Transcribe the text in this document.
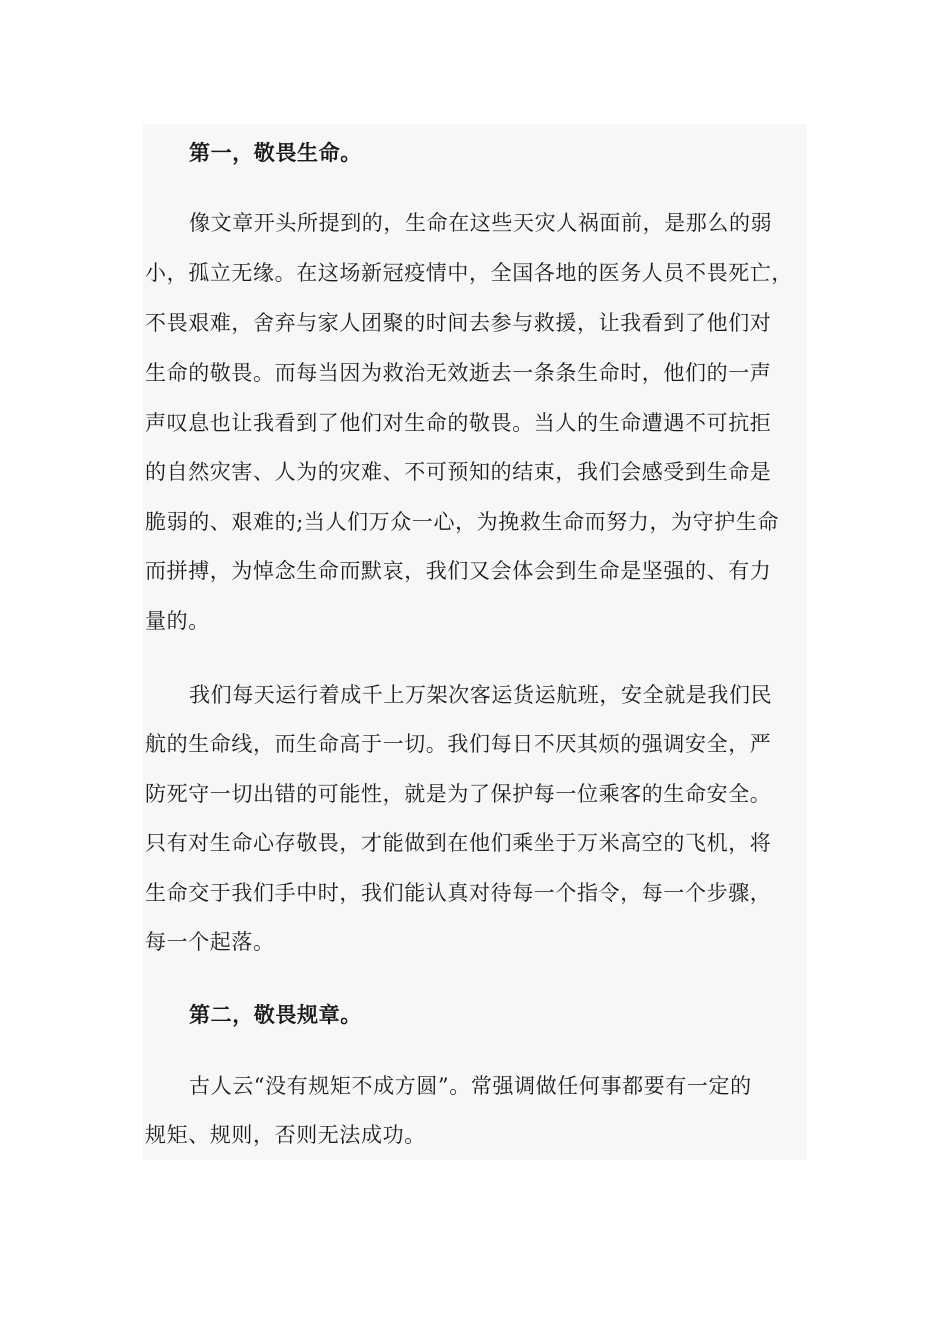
第一，敬畏生命。
像文章开头所提到的，生命在这些天灾人祸面前，是那么的弱
小，孤立无缘。在这场新冠疫情中，全国各地的医务人员不畏死亡，
不畏艰难，舍弃与家人团聚的时间去参与救援，让我看到了他们对
生命的敬畏。而每当因为救治无效逝去一条条生命时，他们的一声
声叹息也让我看到了他们对生命的敬畏。当人的生命遭遇不可抗拒
的自然灾害、人为的灾难、不可预知的结束，我们会感受到生命是
脆弱的、艰难的;当人们万众一心，为挽救生命而努力，为守护生命
而拼搏，为悼念生命而默哀，我们又会体会到生命是坚强的、有力
量的。
我们每天运行着成千上万架次客运货运航班，安全就是我们民
航的生命线，而生命高于一切。我们每日不厌其烦的强调安全，严
防死守一切出错的可能性，就是为了保护每一位乘客的生命安全。
只有对生命心存敬畏，才能做到在他们乘坐于万米高空的飞机，将
生命交于我们手中时，我们能认真对待每一个指令，每一个步骤，
每一个起落。
第二，敬畏规章。
古人云“没有规矩不成方圆”。常强调做任何事都要有一定的
规矩、规则，否则无法成功。
